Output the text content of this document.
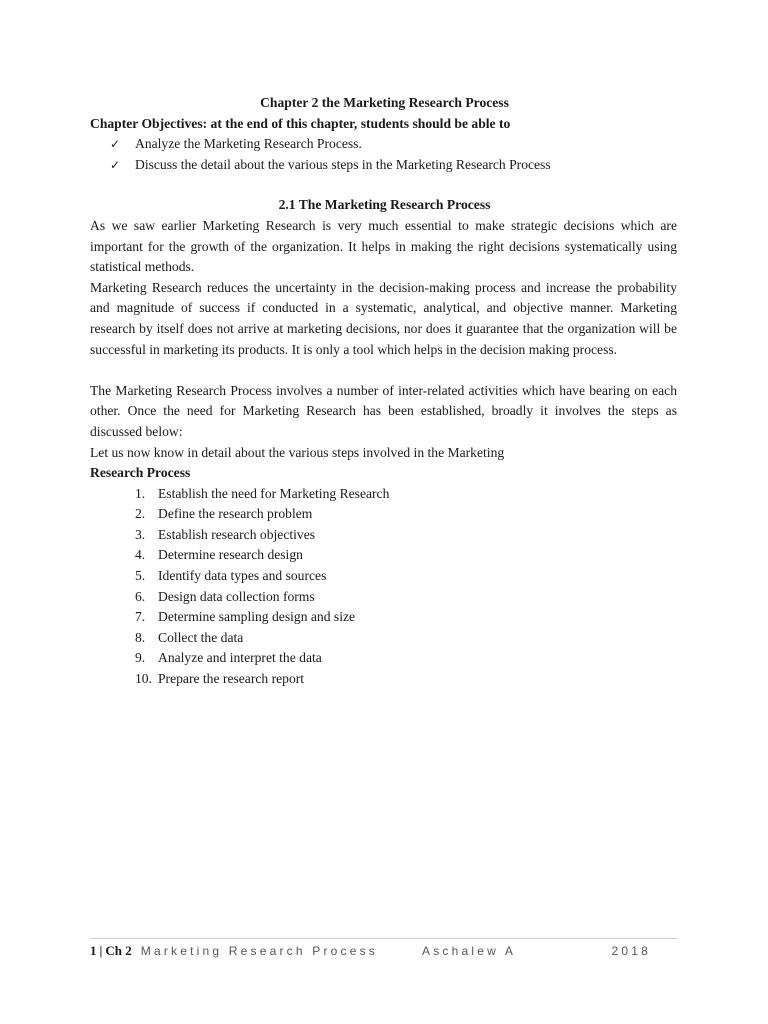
Chapter 2 the Marketing Research Process

Chapter Objectives: at the end of this chapter, students should be able to

✓	Analyze the Marketing Research Process.
✓	Discuss the detail about the various steps in the Marketing Research Process

2.1 The Marketing Research Process

As we saw earlier Marketing Research is very much essential to make strategic decisions which are important for the growth of the organization. It helps in making the right decisions systematically using statistical methods.

Marketing Research reduces the uncertainty in the decision-making process and increase the probability and magnitude of success if conducted in a systematic, analytical, and objective manner. Marketing research by itself does not arrive at marketing decisions, nor does it guarantee that the organization will be successful in marketing its products. It is only a tool which helps in the decision making process.

The Marketing Research Process involves a number of inter-related activities which have bearing on each other. Once the need for Marketing Research has been established, broadly it involves the steps as discussed below:

Let us now know in detail about the various steps involved in the Marketing

Research Process

1. Establish the need for Marketing Research
2. Define the research problem
3. Establish research objectives
4. Determine research design
5. Identify data types and sources
6. Design data collection forms
7. Determine sampling design and size
8. Collect the data
9. Analyze and interpret the data
10. Prepare the research report
1 | Ch 2 Marketing Research Process	Aschalew A	2018
